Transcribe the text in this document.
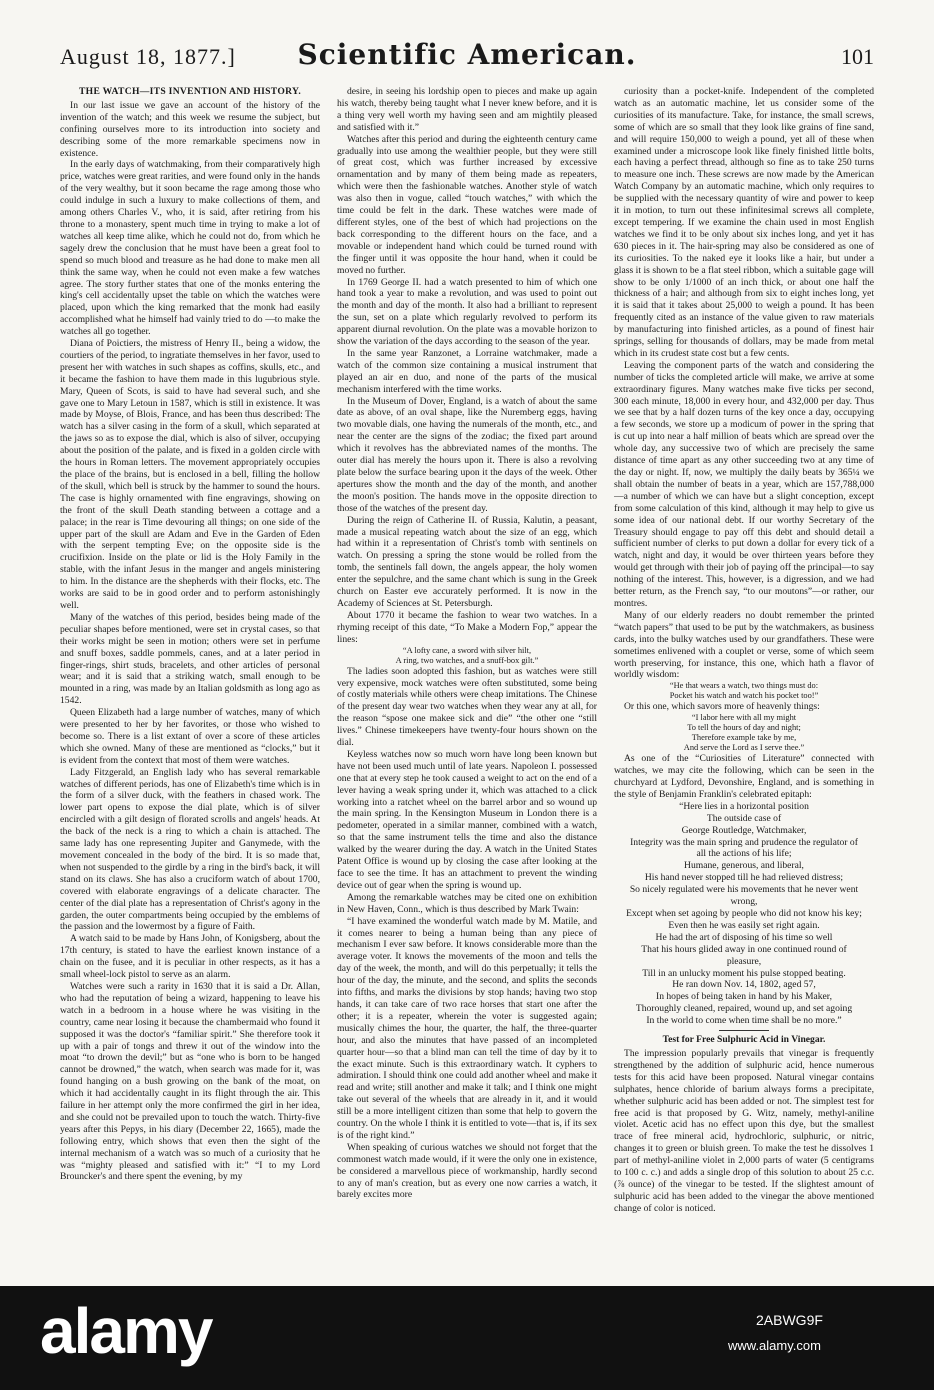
August 18, 1877.]	Scientific American.	101
THE WATCH—ITS INVENTION AND HISTORY.

In our last issue we gave an account of the history of the invention of the watch; and this week we resume the subject, but confining ourselves more to its introduction into society and describing some of the more remarkable specimens now in existence.

In the early days of watchmaking, from their comparatively high price, watches were great rarities, and were found only in the hands of the very wealthy, but it soon became the rage among those who could indulge in such a luxury to make collections of them, and among others Charles V., who, it is said, after retiring from his throne to a monastery, spent much time in trying to make a lot of watches all keep time alike, which he could not do, from which he sagely drew the conclusion that he must have been a great fool to spend so much blood and treasure as he had done to make men all think the same way, when he could not even make a few watches agree. The story further states that one of the monks entering the king's cell accidentally upset the table on which the watches were placed, upon which the king remarked that the monk had easily accomplished what he himself had vainly tried to do —to make the watches all go together.

Diana of Poictiers, the mistress of Henry II., being a widow, the courtiers of the period, to ingratiate themselves in her favor, used to present her with watches in such shapes as coffins, skulls, etc., and it became the fashion to have them made in this lugubrious style. Mary, Queen of Scots, is said to have had several such, and she gave one to Mary Letoun in 1587, which is still in existence. It was made by Moyse, of Blois, France, and has been thus described: The watch has a silver casing in the form of a skull, which separated at the jaws so as to expose the dial, which is also of silver, occupying about the position of the palate, and is fixed in a golden circle with the hours in Roman letters. The movement appropriately occupies the place of the brains, but is enclosed in a bell, filling the hollow of the skull, which bell is struck by the hammer to sound the hours. The case is highly ornamented with fine engravings, showing on the front of the skull Death standing between a cottage and a palace; in the rear is Time devouring all things; on one side of the upper part of the skull are Adam and Eve in the Garden of Eden with the serpent tempting Eve; on the opposite side is the crucifixion. Inside on the plate or lid is the Holy Family in the stable, with the infant Jesus in the manger and angels ministering to him. In the distance are the shepherds with their flocks, etc. The works are said to be in good order and to perform astonishingly well.

Many of the watches of this period, besides being made of the peculiar shapes before mentioned, were set in crystal cases, so that their works might be seen in motion; others were set in perfume and snuff boxes, saddle pommels, canes, and at a later period in finger-rings, shirt studs, bracelets, and other articles of personal wear; and it is said that a striking watch, small enough to be mounted in a ring, was made by an Italian goldsmith as long ago as 1542.

Queen Elizabeth had a large number of watches, many of which were presented to her by her favorites, or those who wished to become so. There is a list extant of over a score of these articles which she owned. Many of these are mentioned as “clocks,” but it is evident from the context that most of them were watches.

Lady Fitzgerald, an English lady who has several remarkable watches of different periods, has one of Elizabeth's time which is in the form of a silver duck, with the feathers in chased work. The lower part opens to expose the dial plate, which is of silver encircled with a gilt design of florated scrolls and angels' heads. At the back of the neck is a ring to which a chain is attached. The same lady has one representing Jupiter and Ganymede, with the movement concealed in the body of the bird. It is so made that, when not suspended to the girdle by a ring in the bird's back, it will stand on its claws. She has also a cruciform watch of about 1700, covered with elaborate engravings of a delicate character. The center of the dial plate has a representation of Christ's agony in the garden, the outer compartments being occupied by the emblems of the passion and the lowermost by a figure of Faith.

A watch said to be made by Hans John, of Konigsberg, about the 17th century, is stated to have the earliest known instance of a chain on the fusee, and it is peculiar in other respects, as it has a small wheel-lock pistol to serve as an alarm.

Watches were such a rarity in 1630 that it is said a Dr. Allan, who had the reputation of being a wizard, happening to leave his watch in a bedroom in a house where he was visiting in the country, came near losing it because the chambermaid who found it supposed it was the doctor's “familiar spirit.” She therefore took it up with a pair of tongs and threw it out of the window into the moat “to drown the devil;” but as “one who is born to be hanged cannot be drowned,” the watch, when search was made for it, was found hanging on a bush growing on the bank of the moat, on which it had accidentally caught in its flight through the air. This failure in her attempt only the more confirmed the girl in her idea, and she could not be prevailed upon to touch the watch. Thirty-five years after this Pepys, in his diary (December 22, 1665), made the following entry, which shows that even then the sight of the internal mechanism of a watch was so much of a curiosity that he was “mighty pleased and satisfied with it:” “I to my Lord Brouncker's and there spent the evening, by my

desire, in seeing his lordship open to pieces and make up again his watch, thereby being taught what I never knew before, and it is a thing very well worth my having seen and am mightily pleased and satisfied with it.”

Watches after this period and during the eighteenth century came gradually into use among the wealthier people, but they were still of great cost, which was further increased by excessive ornamentation and by many of them being made as repeaters, which were then the fashionable watches. Another style of watch was also then in vogue, called “touch watches,” with which the time could be felt in the dark. These watches were made of different styles, one of the best of which had projections on the back corresponding to the different hours on the face, and a movable or independent hand which could be turned round with the finger until it was opposite the hour hand, when it could be moved no further.

In 1769 George II. had a watch presented to him of which one hand took a year to make a revolution, and was used to point out the month and day of the month. It also had a brilliant to represent the sun, set on a plate which regularly revolved to perform its apparent diurnal revolution. On the plate was a movable horizon to show the variation of the days according to the season of the year.

In the same year Ranzonet, a Lorraine watchmaker, made a watch of the common size containing a musical instrument that played an air en duo, and none of the parts of the musical mechanism interfered with the time works.

In the Museum of Dover, England, is a watch of about the same date as above, of an oval shape, like the Nuremberg eggs, having two movable dials, one having the numerals of the month, etc., and near the center are the signs of the zodiac; the fixed part around which it revolves has the abbreviated names of the months. The outer dial has merely the hours upon it. There is also a revolving plate below the surface bearing upon it the days of the week. Other apertures show the month and the day of the month, and another the moon's position. The hands move in the opposite direction to those of the watches of the present day.

During the reign of Catherine II. of Russia, Kalutin, a peasant, made a musical repeating watch about the size of an egg, which had within it a representation of Christ's tomb with sentinels on watch. On pressing a spring the stone would be rolled from the tomb, the sentinels fall down, the angels appear, the holy women enter the sepulchre, and the same chant which is sung in the Greek church on Easter eve accurately performed. It is now in the Academy of Sciences at St. Petersburgh.

About 1770 it became the fashion to wear two watches. In a rhyming receipt of this date, “To Make a Modern Fop,” appear the lines:

“A lofty cane, a sword with silver hilt,

A ring, two watches, and a snuff-box gilt.”

The ladies soon adopted this fashion, but as watches were still very expensive, mock watches were often substituted, some being of costly materials while others were cheap imitations. The Chinese of the present day wear two watches when they wear any at all, for the reason “spose one makee sick and die” “the other one “still lives.” Chinese timekeepers have twenty-four hours shown on the dial.

Keyless watches now so much worn have long been known but have not been used much until of late years. Napoleon I. possessed one that at every step he took caused a weight to act on the end of a lever having a weak spring under it, which was attached to a click working into a ratchet wheel on the barrel arbor and so wound up the main spring. In the Kensington Museum in London there is a pedometer, operated in a similar manner, combined with a watch, so that the same instrument tells the time and also the distance walked by the wearer during the day. A watch in the United States Patent Office is wound up by closing the case after looking at the face to see the time. It has an attachment to prevent the winding device out of gear when the spring is wound up.

Among the remarkable watches may be cited one on exhibition in New Haven, Conn., which is thus described by Mark Twain:

“I have examined the wonderful watch made by M. Matile, and it comes nearer to being a human being than any piece of mechanism I ever saw before. It knows considerable more than the average voter. It knows the movements of the moon and tells the day of the week, the month, and will do this perpetually; it tells the hour of the day, the minute, and the second, and splits the seconds into fifths, and marks the divisions by stop hands; having two stop hands, it can take care of two race horses that start one after the other; it is a repeater, wherein the voter is suggested again; musically chimes the hour, the quarter, the half, the three-quarter hour, and also the minutes that have passed of an incompleted quarter hour—so that a blind man can tell the time of day by it to the exact minute. Such is this extraordinary watch. It cyphers to admiration. I should think one could add another wheel and make it read and write; still another and make it talk; and I think one might take out several of the wheels that are already in it, and it would still be a more intelligent citizen than some that help to govern the country. On the whole I think it is entitled to vote—that is, if its sex is of the right kind.”

When speaking of curious watches we should not forget that the commonest watch made would, if it were the only one in existence, be considered a marvellous piece of workmanship, hardly second to any of man's creation, but as every one now carries a watch, it barely excites more

curiosity than a pocket-knife. Independent of the completed watch as an automatic machine, let us consider some of the curiosities of its manufacture. Take, for instance, the small screws, some of which are so small that they look like grains of fine sand, and will require 150,000 to weigh a pound, yet all of these when examined under a microscope look like finely finished little bolts, each having a perfect thread, although so fine as to take 250 turns to measure one inch. These screws are now made by the American Watch Company by an automatic machine, which only requires to be supplied with the necessary quantity of wire and power to keep it in motion, to turn out these infinitesimal screws all complete, except tempering. If we examine the chain used in most English watches we find it to be only about six inches long, and yet it has 630 pieces in it. The hair-spring may also be considered as one of its curiosities. To the naked eye it looks like a hair, but under a glass it is shown to be a flat steel ribbon, which a suitable gage will show to be only 1/1000 of an inch thick, or about one half the thickness of a hair; and although from six to eight inches long, yet it is said that it takes about 25,000 to weigh a pound. It has been frequently cited as an instance of the value given to raw materials by manufacturing into finished articles, as a pound of finest hair springs, selling for thousands of dollars, may be made from metal which in its crudest state cost but a few cents.

Leaving the component parts of the watch and considering the number of ticks the completed article will make, we arrive at some extraordinary figures. Many watches make five ticks per second, 300 each minute, 18,000 in every hour, and 432,000 per day. Thus we see that by a half dozen turns of the key once a day, occupying a few seconds, we store up a modicum of power in the spring that is cut up into near a half million of beats which are spread over the whole day, any successive two of which are precisely the same distance of time apart as any other succeeding two at any time of the day or night. If, now, we multiply the daily beats by 365¼ we shall obtain the number of beats in a year, which are 157,788,000—a number of which we can have but a slight conception, except from some calculation of this kind, although it may help to give us some idea of our national debt. If our worthy Secretary of the Treasury should engage to pay off this debt and should detail a sufficient number of clerks to put down a dollar for every tick of a watch, night and day, it would be over thirteen years before they would get through with their job of paying off the principal—to say nothing of the interest. This, however, is a digression, and we had better return, as the French say, “to our moutons”—or rather, our montres.

Many of our elderly readers no doubt remember the printed “watch papers” that used to be put by the watchmakers, as business cards, into the bulky watches used by our grandfathers. These were sometimes enlivened with a couplet or verse, some of which seem worth preserving, for instance, this one, which hath a flavor of worldly wisdom:

“He that wears a watch, two things must do:

Pocket his watch and watch his pocket too!”

Or this one, which savors more of heavenly things:

“I labor here with all my might

To tell the hours of day and night;

Therefore example take by me,

And serve the Lord as I serve thee.”

As one of the “Curiosities of Literature” connected with watches, we may cite the following, which can be seen in the churchyard at Lydford, Devonshire, England, and is something in the style of Benjamin Franklin's celebrated epitaph:

“Here lies in a horizontal position

The outside case of

George Routledge, Watchmaker,

Integrity was the main spring and prudence the regulator of

all the actions of his life;

Humane, generous, and liberal,

His hand never stopped till he had relieved distress;

So nicely regulated were his movements that he never went

wrong,

Except when set agoing by people who did not know his key;

Even then he was easily set right again.

He had the art of disposing of his time so well

That his hours glided away in one continued round of

pleasure,

Till in an unlucky moment his pulse stopped beating.

He ran down Nov. 14, 1802, aged 57,

In hopes of being taken in hand by his Maker,

Thoroughly cleaned, repaired, wound up, and set agoing

In the world to come when time shall be no more.”

Test for Free Sulphuric Acid in Vinegar.

The impression popularly prevails that vinegar is frequently strengthened by the addition of sulphuric acid, hence numerous tests for this acid have been proposed. Natural vinegar contains sulphates, hence chloride of barium always forms a precipitate, whether sulphuric acid has been added or not. The simplest test for free acid is that proposed by G. Witz, namely, methyl-aniline violet. Acetic acid has no effect upon this dye, but the smallest trace of free mineral acid, hydrochloric, sulphuric, or nitric, changes it to green or bluish green. To make the test he dissolves 1 part of methyl-aniline violet in 2,000 parts of water (5 centigrams to 100 c. c.) and adds a single drop of this solution to about 25 c.c. (⅞ ounce) of the vinegar to be tested. If the slightest amount of sulphuric acid has been added to the vinegar the above mentioned change of color is noticed.

alamy	2ABWG9F
www.alamy.com
